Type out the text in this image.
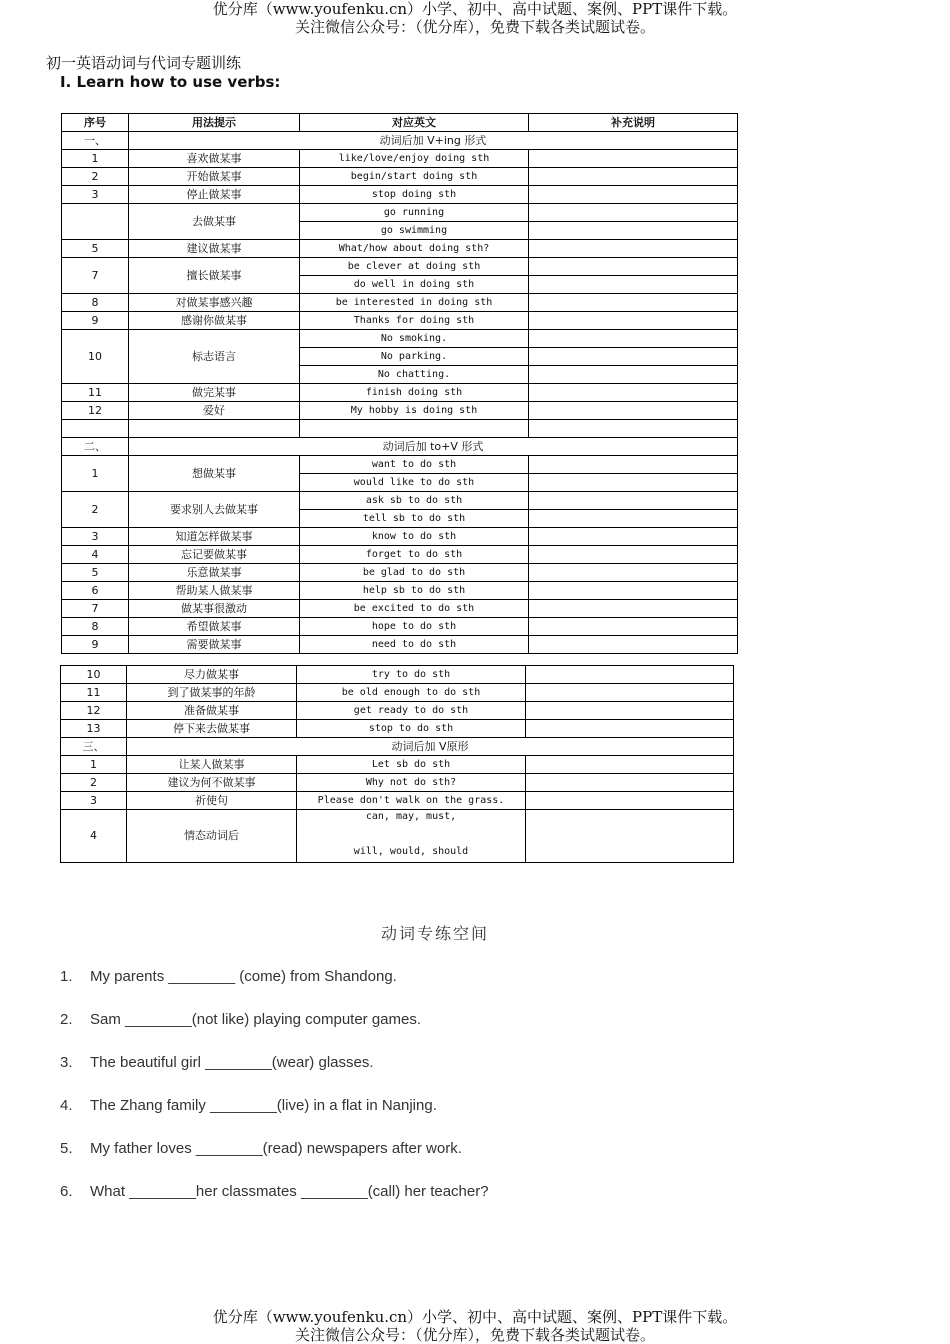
优分库（www.youfenku.cn）小学、初中、高中试题、案例、PPT课件下载。
关注微信公众号：（优分库），免费下载各类试题试卷。
初一英语动词与代词专题训练
I. Learn how to use verbs:
序号	用法提示	对应英文	补充说明
一、	动词后加 V+ing 形式		
1	喜欢做某事	like/love/enjoy doing sth	
2	开始做某事	begin/start doing sth	
3	停止做某事	stop doing sth	
	去做某事	go running	
		go swimming	
5	建议做某事	What/how about doing sth?	
7	擅长做某事	be clever at doing sth	
		do well in doing sth	
8	对做某事感兴趣	be interested in doing sth	
9	感谢你做某事	Thanks for doing sth	
10	标志语言	No smoking.	
		No parking.	
		No chatting.	
11	做完某事	finish doing sth	
12	爱好	My hobby is doing sth	

二、	动词后加 to+V 形式		
1	想做某事	want to do sth	
		would like to do sth	
2	要求别人去做某事	ask sb to do sth	
		tell sb to do sth	
3	知道怎样做某事	know to do sth	
4	忘记要做某事	forget to do sth	
5	乐意做某事	be glad to do sth	
6	帮助某人做某事	help sb to do sth	
7	做某事很激动	be excited to do sth	
8	希望做某事	hope to do sth	
9	需要做某事	need to do sth	
10	尽力做某事	try to do sth	
11	到了做某事的年龄	be old enough to do sth	
12	准备做某事	get ready to do sth	
13	停下来去做某事	stop to do sth	
三、	动词后加 V原形		
1	让某人做某事	Let sb do sth	
2	建议为何不做某事	Why not do sth?	
3	祈使句	Please don't walk on the grass.	
4	情态动词后	can, may, must,
will, would, should	

动词专练空间
1. My parents ________ (come) from Shandong.
2. Sam ________(not like) playing computer games.
3. The beautiful girl ________(wear) glasses.
4. The Zhang family ________(live) in a flat in Nanjing.
5. My father loves ________(read) newspapers after work.
6. What ________her classmates ________(call) her teacher?
优分库（www.youfenku.cn）小学、初中、高中试题、案例、PPT课件下载。
关注微信公众号：（优分库），免费下载各类试题试卷。
